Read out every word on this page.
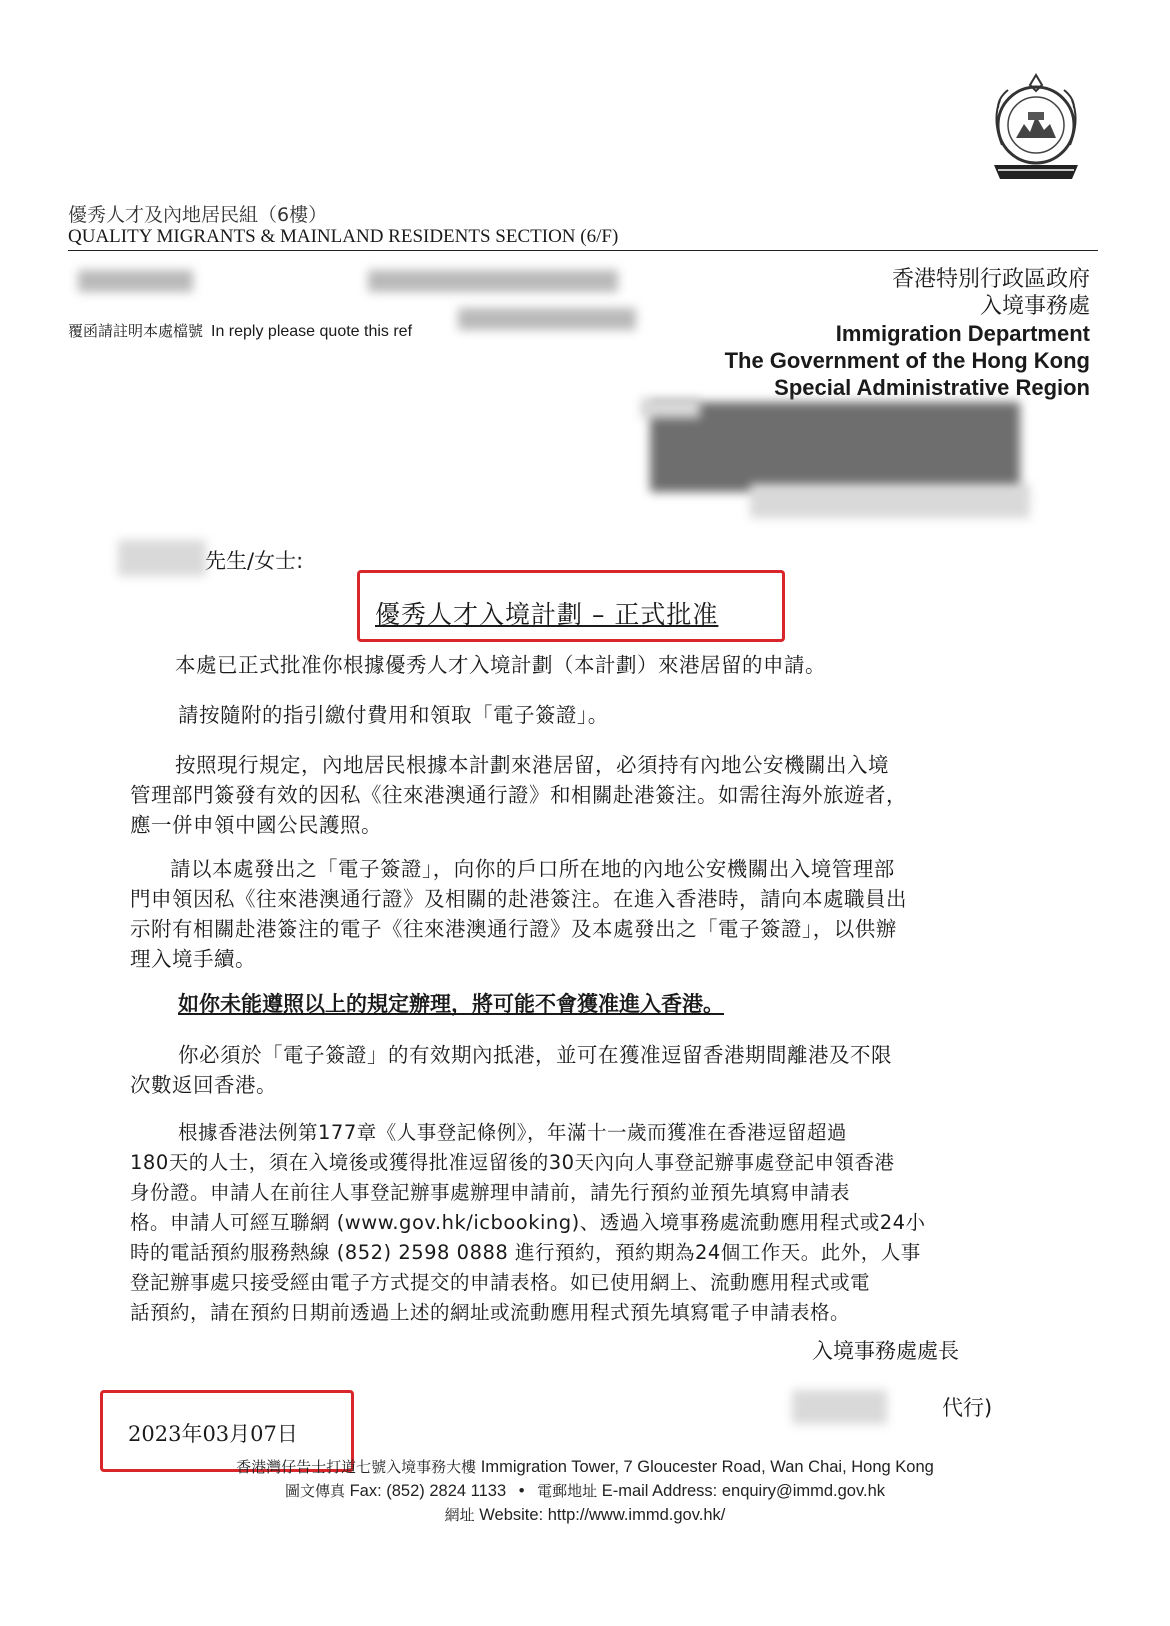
優秀人才及內地居民組（6樓）
QUALITY MIGRANTS & MAINLAND RESIDENTS SECTION (6/F)
覆函請註明本處檔號 In reply please quote this ref
香港特別行政區政府
入境事務處
Immigration Department
The Government of the Hong Kong
Special Administrative Region
先生/女士:
優秀人才入境計劃 – 正式批准
本處已正式批准你根據優秀人才入境計劃（本計劃）來港居留的申請。
請按隨附的指引繳付費用和領取「電子簽證」。
按照現行規定，內地居民根據本計劃來港居留，必須持有內地公安機關出入境
管理部門簽發有效的因私《往來港澳通行證》和相關赴港簽注。如需往海外旅遊者，
應一併申領中國公民護照。
請以本處發出之「電子簽證」，向你的戶口所在地的內地公安機關出入境管理部
門申領因私《往來港澳通行證》及相關的赴港簽注。在進入香港時，請向本處職員出
示附有相關赴港簽注的電子《往來港澳通行證》及本處發出之「電子簽證」，以供辦
理入境手續。
如你未能遵照以上的規定辦理，將可能不會獲准進入香港。
你必須於「電子簽證」的有效期內抵港，並可在獲准逗留香港期間離港及不限
次數返回香港。
根據香港法例第177章《人事登記條例》，年滿十一歲而獲准在香港逗留超過
180天的人士，須在入境後或獲得批准逗留後的30天內向人事登記辦事處登記申領香港
身份證。申請人在前往人事登記辦事處辦理申請前，請先行預約並預先填寫申請表
格。申請人可經互聯網 (www.gov.hk/icbooking)、透過入境事務處流動應用程式或24小
時的電話預約服務熱線 (852) 2598 0888 進行預約，預約期為24個工作天。此外，人事
登記辦事處只接受經由電子方式提交的申請表格。如已使用網上、流動應用程式或電
話預約，請在預約日期前透過上述的網址或流動應用程式預先填寫電子申請表格。
入境事務處處長
代行)
2023年03月07日
香港灣仔告士打道七號入境事務大樓 Immigration Tower, 7 Gloucester Road, Wan Chai, Hong Kong
圖文傳真 Fax: (852) 2824 1133 • 電郵地址 E-mail Address: enquiry@immd.gov.hk
網址 Website: http://www.immd.gov.hk/
